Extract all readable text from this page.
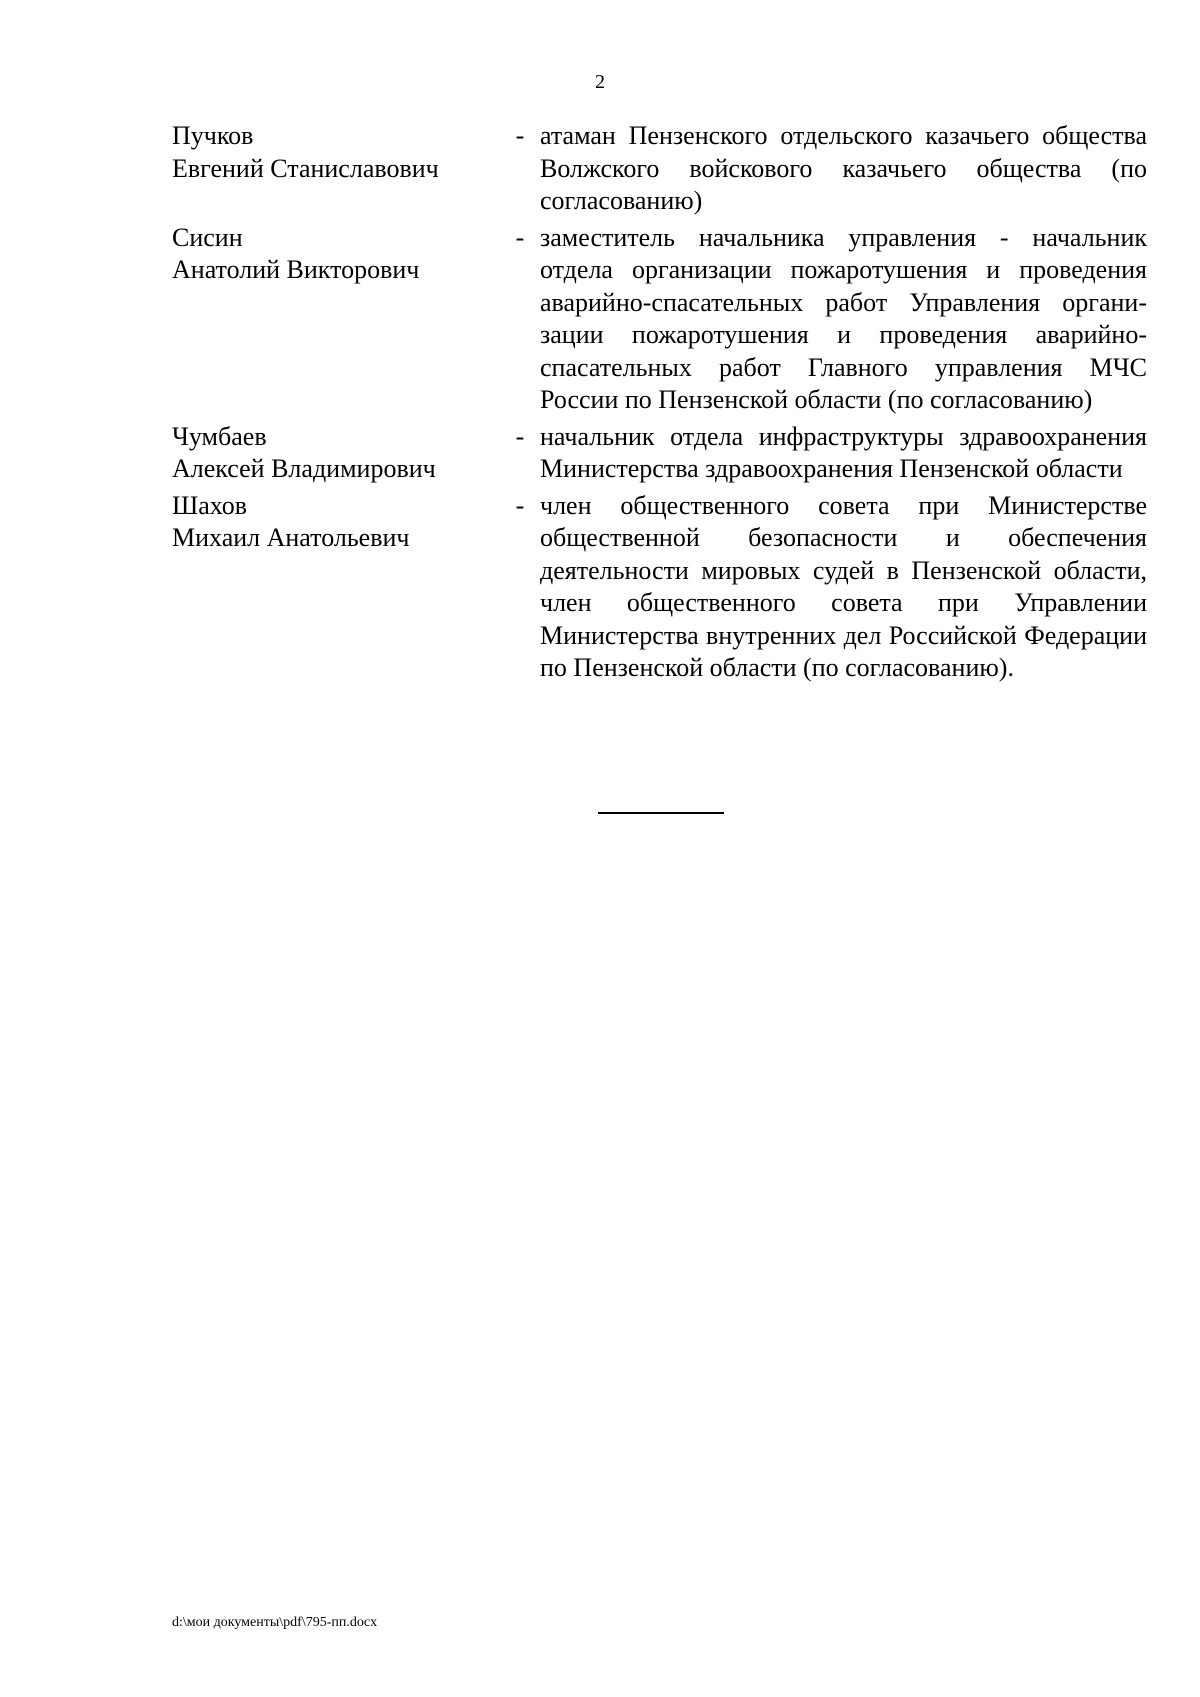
2
Пучков
Евгений Станиславович
- атаман Пензенского отдельского казачьего общества Волжского войскового казачьего общества (по согласованию)
Сисин
Анатолий Викторович
- заместитель начальника управления - начальник отдела организации пожаротушения и проведения аварийно-спасательных работ Управления организации пожаротушения и проведения аварийно-спасательных работ Главного управления МЧС России по Пензенской области (по согласованию)
Чумбаев
Алексей Владимирович
- начальник отдела инфраструктуры здравоохранения Министерства здравоохранения Пензенской области
Шахов
Михаил Анатольевич
- член общественного совета при Министерстве общественной безопасности и обеспечения деятельности мировых судей в Пензенской области, член общественного совета при Управлении Министерства внутренних дел Российской Федерации по Пензенской области (по согласованию).
d:\мои документы\pdf\795-пп.docx
